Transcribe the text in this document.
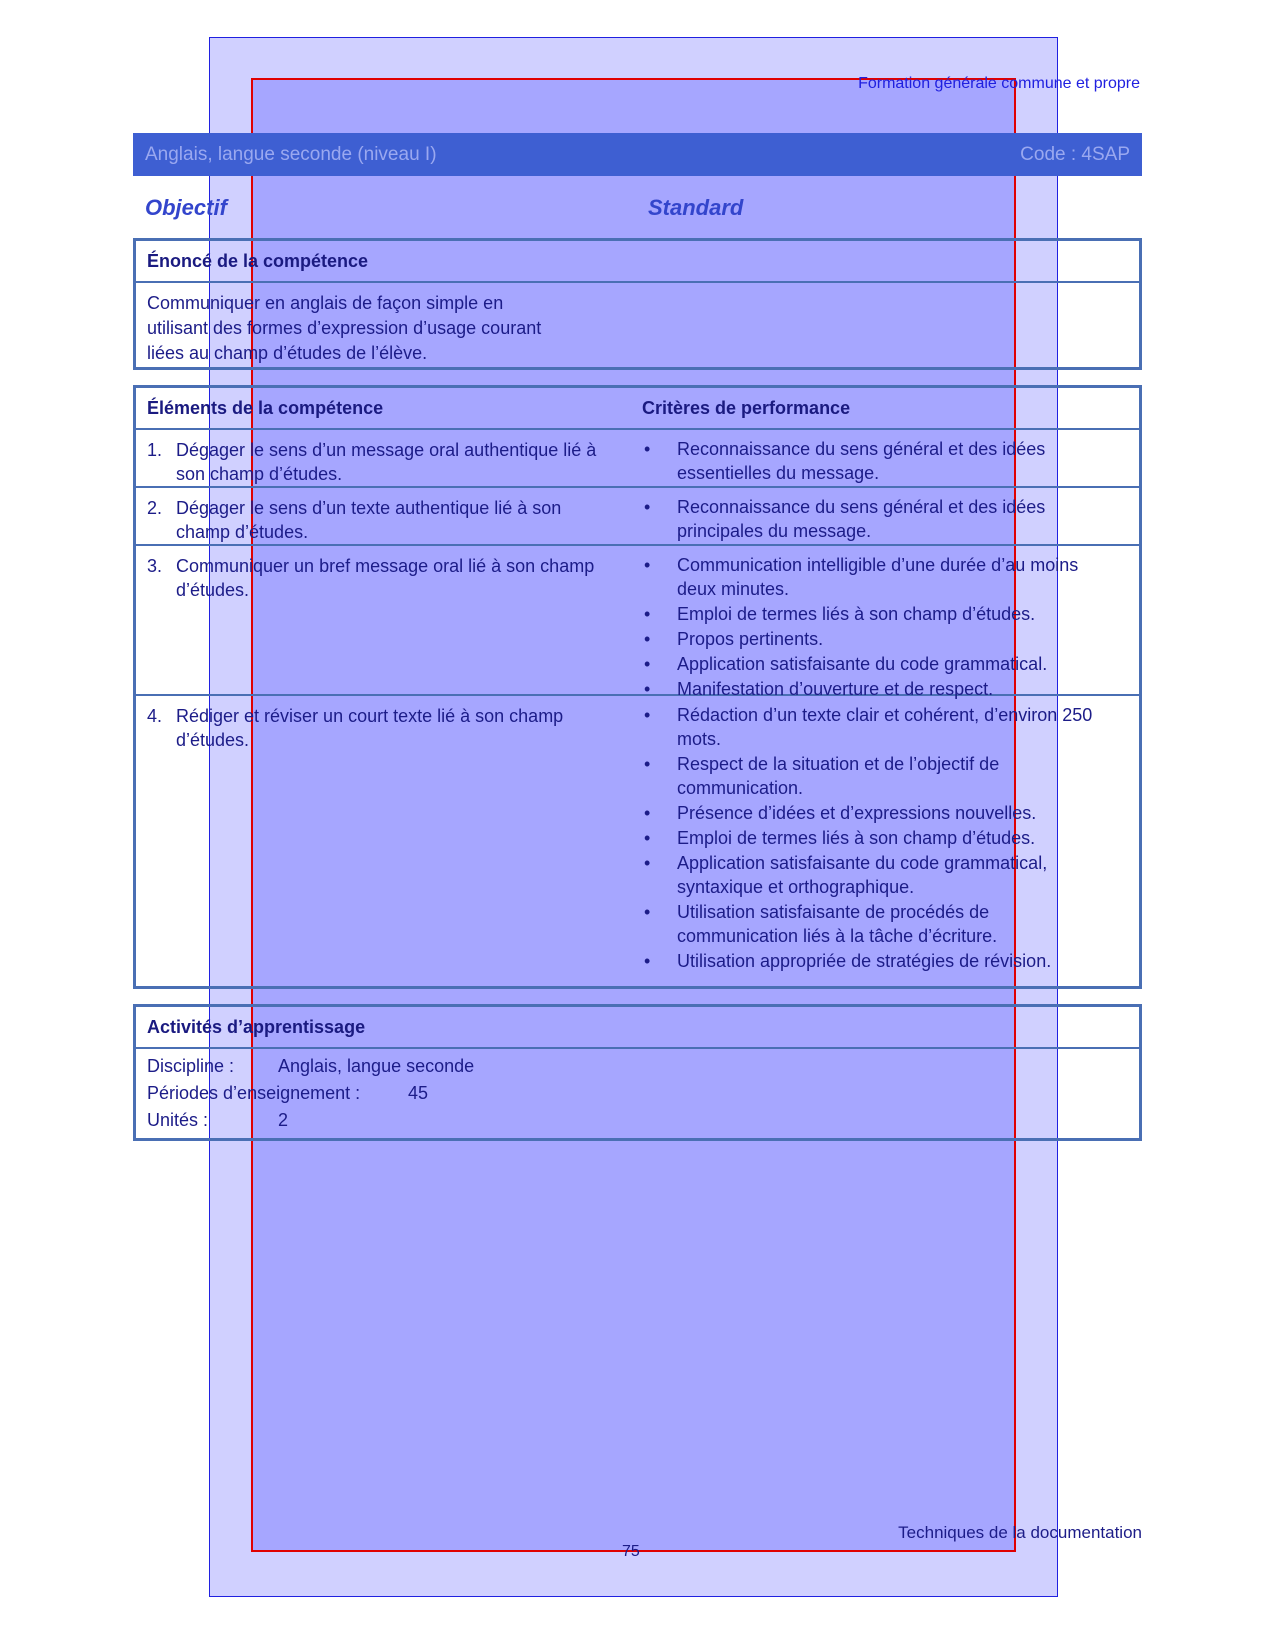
Formation générale commune et propre
Anglais, langue seconde (niveau I)	Code : 4SAP
Objectif	Standard
Énoncé de la compétence
Communiquer en anglais de façon simple en
utilisant des formes d’expression d’usage courant
liées au champ d’études de l’élève.
Éléments de la compétence	Critères de performance
1. Dégager le sens d’un message oral authentique lié à son champ d’études.
• Reconnaissance du sens général et des idées essentielles du message.
2. Dégager le sens d’un texte authentique lié à son champ d’études.
• Reconnaissance du sens général et des idées principales du message.
3. Communiquer un bref message oral lié à son champ d’études.
• Communication intelligible d’une durée d’au moins deux minutes.
• Emploi de termes liés à son champ d’études.
• Propos pertinents.
• Application satisfaisante du code grammatical.
• Manifestation d’ouverture et de respect.
4. Rédiger et réviser un court texte lié à son champ d’études.
• Rédaction d’un texte clair et cohérent, d’environ 250 mots.
• Respect de la situation et de l’objectif de communication.
• Présence d’idées et d’expressions nouvelles.
• Emploi de termes liés à son champ d’études.
• Application satisfaisante du code grammatical, syntaxique et orthographique.
• Utilisation satisfaisante de procédés de communication liés à la tâche d’écriture.
• Utilisation appropriée de stratégies de révision.
Activités d’apprentissage
Discipline : Anglais, langue seconde
Périodes d’enseignement :	45
Unités :	2
Techniques de la documentation
75
